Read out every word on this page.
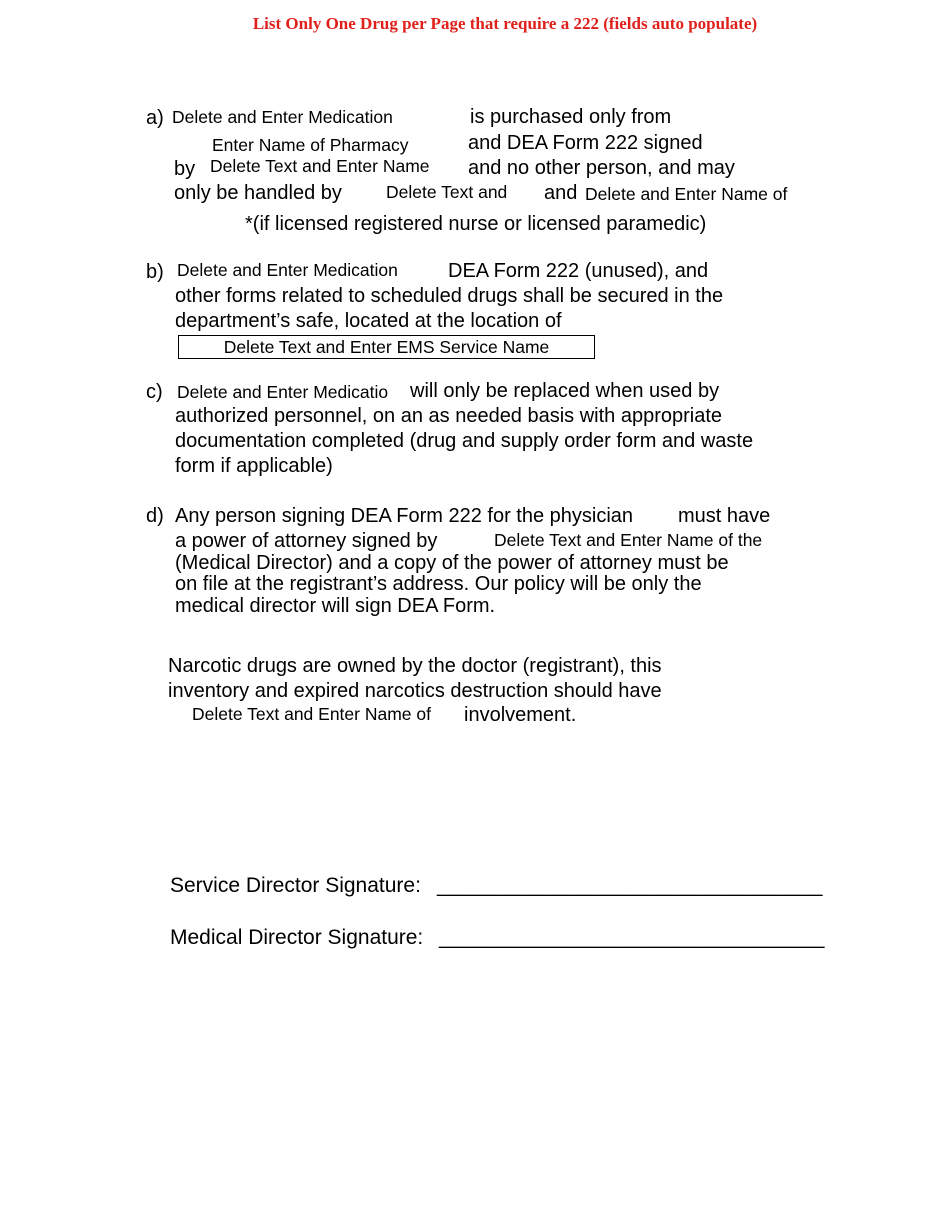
List Only One Drug per Page that require a 222 (fields auto populate)
a) Delete and Enter Medication	is purchased only from
Enter Name of Pharmacy	and DEA Form 222 signed
by Delete Text and Enter Name and no other person, and may
only be handled by	Delete Text and and Delete and Enter Name of
*(if licensed registered nurse or licensed paramedic)
b) Delete and Enter Medication	DEA Form 222 (unused), and
other forms related to scheduled drugs shall be secured in the
department’s safe, located at the location of
Delete Text and Enter EMS Service Name
c) Delete and Enter Medicatio	will only be replaced when used by
authorized personnel, on an as needed basis with appropriate
documentation completed (drug and supply order form and waste
form if applicable)
d) Any person signing DEA Form 222 for the physician must have
a power of attorney signed by	Delete Text and Enter Name of the
(Medical Director) and a copy of the power of attorney must be
on file at the registrant’s address. Our policy will be only the
medical director will sign DEA Form.
Narcotic drugs are owned by the doctor (registrant), this
inventory and expired narcotics destruction should have
Delete Text and Enter Name of involvement.
Service Director Signature: _________________________________
Medical Director Signature: _________________________________
